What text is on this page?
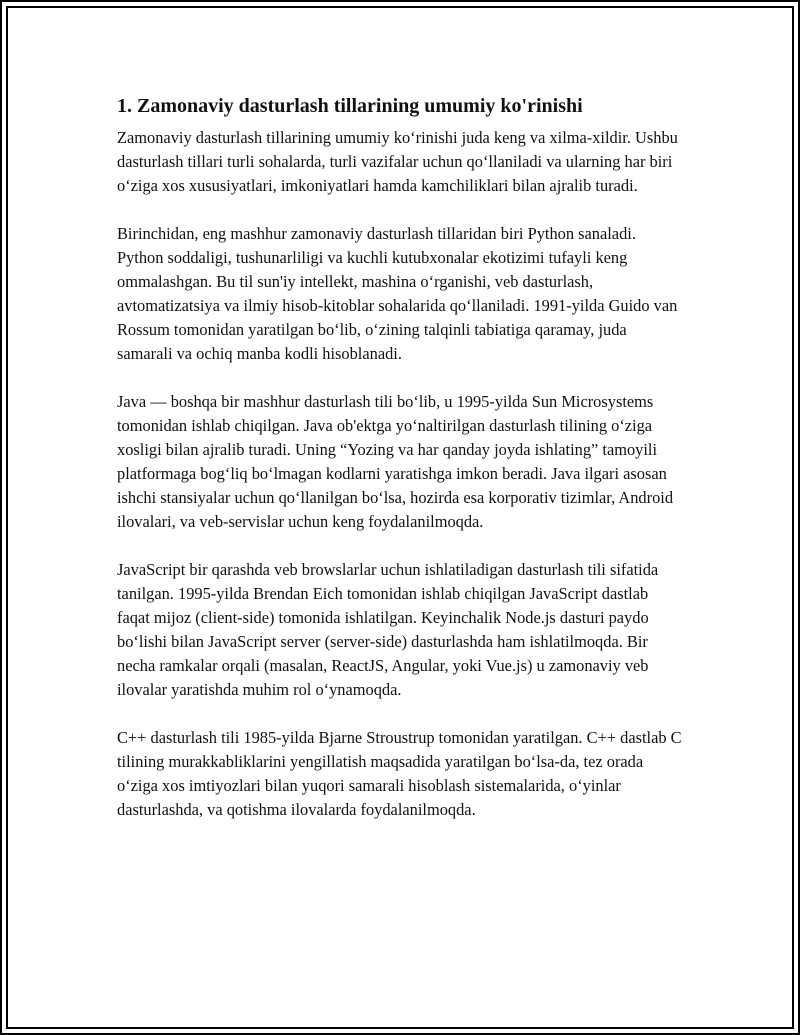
1. Zamonaviy dasturlash tillarining umumiy ko'rinishi

Zamonaviy dasturlash tillarining umumiy ko‘rinishi juda keng va xilma-xildir. Ushbu dasturlash tillari turli sohalarda, turli vazifalar uchun qo‘llaniladi va ularning har biri o‘ziga xos xususiyatlari, imkoniyatlari hamda kamchiliklari bilan ajralib turadi.

Birinchidan, eng mashhur zamonaviy dasturlash tillaridan biri Python sanaladi. Python soddaligi, tushunarliligi va kuchli kutubxonalar ekotizimi tufayli keng ommalashgan. Bu til sun'iy intellekt, mashina o‘rganishi, veb dasturlash, avtomatizatsiya va ilmiy hisob-kitoblar sohalarida qo‘llaniladi. 1991-yilda Guido van Rossum tomonidan yaratilgan bo‘lib, o‘zining talqinli tabiatiga qaramay, juda samarali va ochiq manba kodli hisoblanadi.

Java — boshqa bir mashhur dasturlash tili bo‘lib, u 1995-yilda Sun Microsystems tomonidan ishlab chiqilgan. Java ob'ektga yo‘naltirilgan dasturlash tilining o‘ziga xosligi bilan ajralib turadi. Uning “Yozing va har qanday joyda ishlating” tamoyili platformaga bog‘liq bo‘lmagan kodlarni yaratishga imkon beradi. Java ilgari asosan ishchi stansiyalar uchun qo‘llanilgan bo‘lsa, hozirda esa korporativ tizimlar, Android ilovalari, va veb-servislar uchun keng foydalanilmoqda.

JavaScript bir qarashda veb browslarlar uchun ishlatiladigan dasturlash tili sifatida tanilgan. 1995-yilda Brendan Eich tomonidan ishlab chiqilgan JavaScript dastlab faqat mijoz (client-side) tomonida ishlatilgan. Keyinchalik Node.js dasturi paydo bo‘lishi bilan JavaScript server (server-side) dasturlashda ham ishlatilmoqda. Bir necha ramkalar orqali (masalan, ReactJS, Angular, yoki Vue.js) u zamonaviy veb ilovalar yaratishda muhim rol o‘ynamoqda.

C++ dasturlash tili 1985-yilda Bjarne Stroustrup tomonidan yaratilgan. C++ dastlab C tilining murakkabliklarini yengillatish maqsadida yaratilgan bo‘lsa-da, tez orada o‘ziga xos imtiyozlari bilan yuqori samarali hisoblash sistemalarida, o‘yinlar dasturlashda, va qotishma ilovalarda foydalanilmoqda.
